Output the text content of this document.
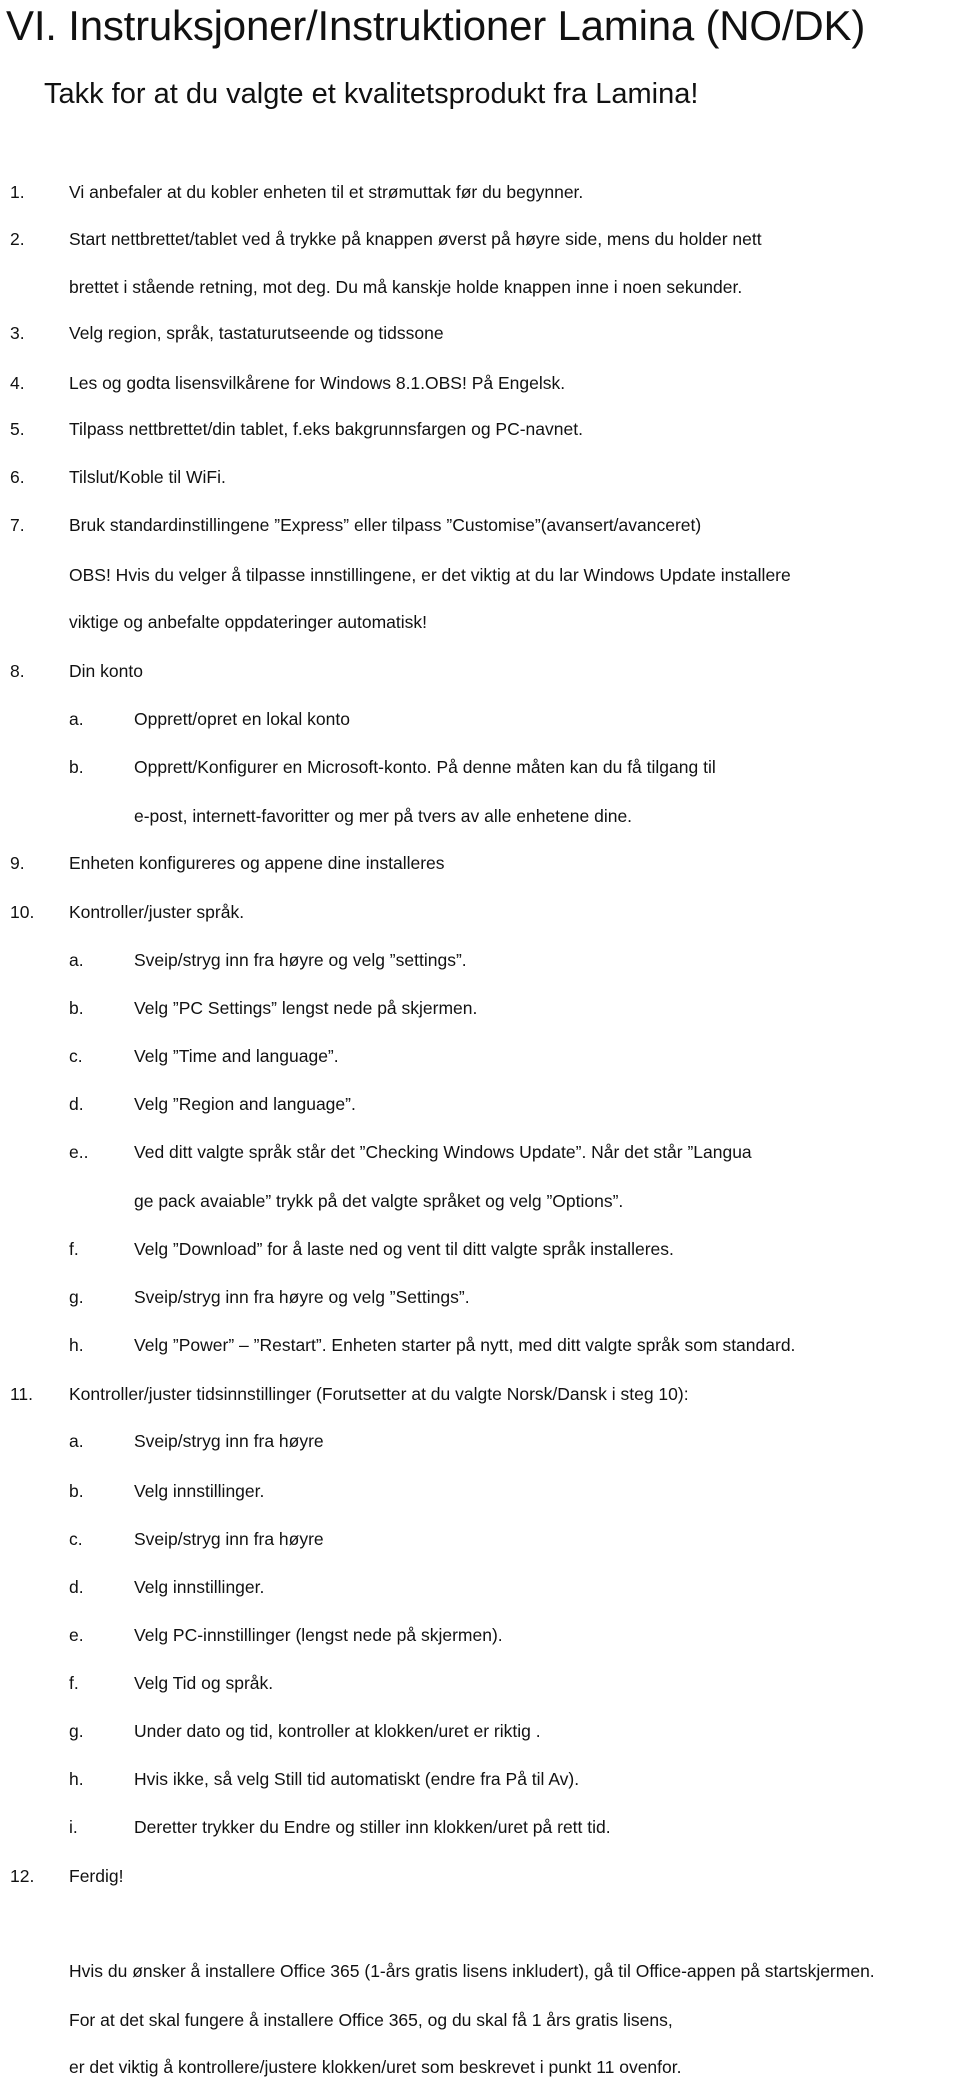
VI. Instruksjoner/Instruktioner Lamina (NO/DK)
Takk for at du valgte et kvalitetsprodukt fra Lamina!
1.	Vi anbefaler at du kobler enheten til et strømuttak før du begynner.
2.	Start nettbrettet/tablet ved å trykke på knappen øverst på høyre side, mens du holder nett
brettet i stående retning, mot deg. Du må kanskje holde knappen inne i noen sekunder.
3.	Velg region, språk, tastaturutseende og tidssone
4.	Les og godta lisensvilkårene for Windows 8.1.OBS! På Engelsk.
5.	Tilpass nettbrettet/din tablet, f.eks bakgrunnsfargen og PC-navnet.
6.	Tilslut/Koble til WiFi.
7.	Bruk standardinstillingene ”Express” eller tilpass ”Customise”(avansert/avanceret)
OBS! Hvis du velger å tilpasse innstillingene, er det viktig at du lar Windows Update installere
viktige og anbefalte oppdateringer automatisk!
8.	Din konto
a.	Opprett/opret en lokal konto
b.	Opprett/Konfigurer en Microsoft-konto. På denne måten kan du få tilgang til
e-post, internett-favoritter og mer på tvers av alle enhetene dine.
9.	Enheten konfigureres og appene dine installeres
10. Kontroller/juster språk.
a.	Sveip/stryg inn fra høyre og velg ”settings”.
b.	Velg ”PC Settings” lengst nede på skjermen.
c.	Velg ”Time and language”.
d.	Velg ”Region and language”.
e..	Ved ditt valgte språk står det ”Checking Windows Update”. Når det står ”Langua
ge pack avaiable” trykk på det valgte språket og velg ”Options”.
f.	Velg ”Download” for å laste ned og vent til ditt valgte språk installeres.
g.	Sveip/stryg inn fra høyre og velg ”Settings”.
h.	Velg ”Power” – ”Restart”. Enheten starter på nytt, med ditt valgte språk som standard.
11. Kontroller/juster tidsinnstillinger (Forutsetter at du valgte Norsk/Dansk i steg 10):
a.	Sveip/stryg inn fra høyre
b.	Velg innstillinger.
c.	Sveip/stryg inn fra høyre
d.	Velg innstillinger.
e.	Velg PC-innstillinger (lengst nede på skjermen).
f.	Velg Tid og språk.
g.	Under dato og tid, kontroller at klokken/uret er riktig .
h.	Hvis ikke, så velg Still tid automatiskt (endre fra På til Av).
i.	Deretter trykker du Endre og stiller inn klokken/uret på rett tid.
12. Ferdig!
Hvis du ønsker å installere Office 365 (1-års gratis lisens inkludert), gå til Office-appen på startskjermen.
For at det skal fungere å installere Office 365, og du skal få 1 års gratis lisens,
er det viktig å kontrollere/justere klokken/uret som beskrevet i punkt 11 ovenfor.
